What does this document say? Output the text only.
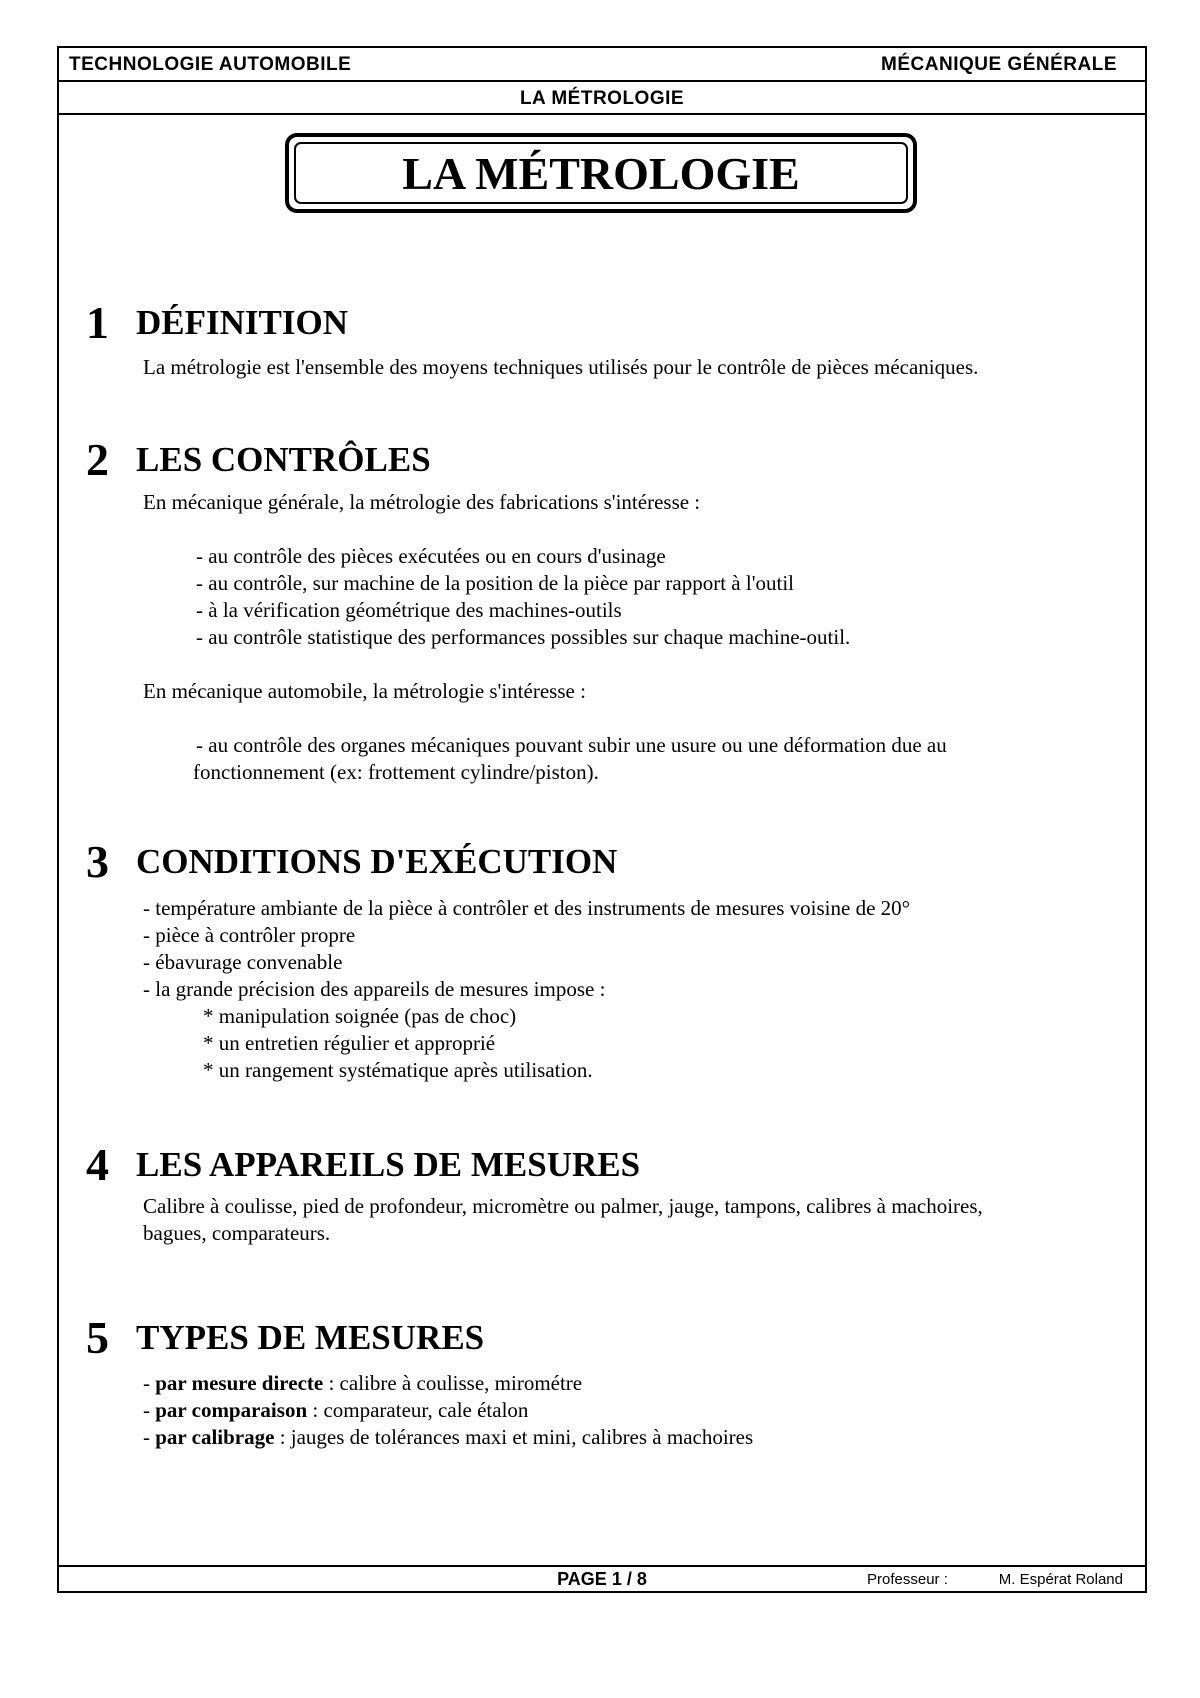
TECHNOLOGIE AUTOMOBILE	MÉCANIQUE GÉNÉRALE
LA MÉTROLOGIE
LA MÉTROLOGIE
1 DÉFINITION
La métrologie est l'ensemble des moyens techniques utilisés pour le contrôle de pièces mécaniques.
2 LES CONTRÔLES
En mécanique générale, la métrologie des fabrications s'intéresse :
- au contrôle des pièces exécutées ou en cours d'usinage
- au contrôle, sur machine de la position de la pièce par rapport à l'outil
- à la vérification géométrique des machines-outils
- au contrôle statistique des performances possibles sur chaque machine-outil.
En mécanique automobile, la métrologie s'intéresse :
- au contrôle des organes mécaniques pouvant subir une usure ou une déformation due au
fonctionnement (ex: frottement cylindre/piston).
3 CONDITIONS D'EXÉCUTION
- température ambiante de la pièce à contrôler et des instruments de mesures voisine de 20°
- pièce à contrôler propre
- ébavurage convenable
- la grande précision des appareils de mesures impose :
* manipulation soignée (pas de choc)
* un entretien régulier et approprié
* un rangement systématique après utilisation.
4 LES APPAREILS DE MESURES
Calibre à coulisse, pied de profondeur, micromètre ou palmer, jauge, tampons, calibres à machoires,
bagues, comparateurs.
5 TYPES DE MESURES
- par mesure directe : calibre à coulisse, mirométre
- par comparaison : comparateur, cale étalon
- par calibrage : jauges de tolérances maxi et mini, calibres à machoires
PAGE 1 / 8	Professeur :	M. Espérat Roland
